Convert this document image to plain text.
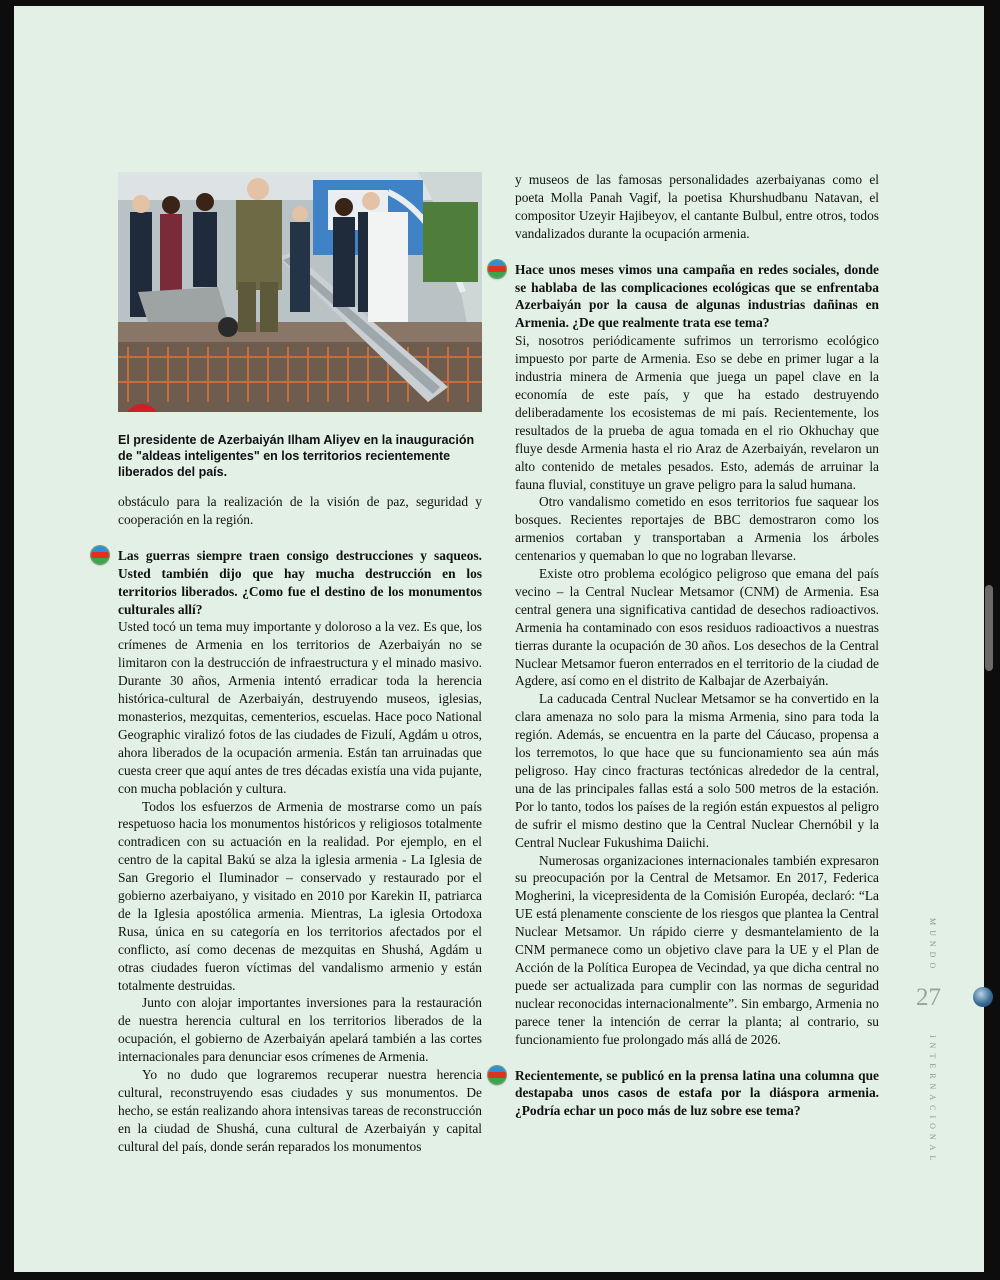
El presidente de Azerbaiyán Ilham Aliyev en la inauguración de "aldeas inteligentes" en los territorios recientemente liberados del país.

obstáculo para la realización de la visión de paz, seguridad y cooperación en la región.

Las guerras siempre traen consigo destrucciones y saqueos. Usted también dijo que hay mucha destrucción en los territorios liberados. ¿Como fue el destino de los monumentos culturales allí?

Usted tocó un tema muy importante y doloroso a la vez. Es que, los crímenes de Armenia en los territorios de Azerbaiyán no se limitaron con la destrucción de infraestructura y el minado masivo. Durante 30 años, Armenia intentó erradicar toda la herencia histórica-cultural de Azerbaiyán, destruyendo museos, iglesias, monasterios, mezquitas, cementerios, escuelas. Hace poco National Geographic viralizó fotos de las ciudades de Fizulí, Agdám u otros, ahora liberados de la ocupación armenia. Están tan arruinadas que cuesta creer que aquí antes de tres décadas existía una vida pujante, con mucha población y cultura.

Todos los esfuerzos de Armenia de mostrarse como un país respetuoso hacia los monumentos históricos y religiosos totalmente contradicen con su actuación en la realidad. Por ejemplo, en el centro de la capital Bakú se alza la iglesia armenia - La Iglesia de San Gregorio el Iluminador – conservado y restaurado por el gobierno azerbaiyano, y visitado en 2010 por Karekin II, patriarca de la Iglesia apostólica armenia. Mientras, La iglesia Ortodoxa Rusa, única en su categoría en los territorios afectados por el conflicto, así como decenas de mezquitas en Shushá, Agdám u otras ciudades fueron víctimas del vandalismo armenio y están totalmente destruidas.

Junto con alojar importantes inversiones para la restauración de nuestra herencia cultural en los territorios liberados de la ocupación, el gobierno de Azerbaiyán apelará también a las cortes internacionales para denunciar esos crímenes de Armenia.

Yo no dudo que lograremos recuperar nuestra herencia cultural, reconstruyendo esas ciudades y sus monumentos. De hecho, se están realizando ahora intensivas tareas de reconstrucción en la ciudad de Shushá, cuna cultural de Azerbaiyán y capital cultural del país, donde serán reparados los monumentos

y museos de las famosas personalidades azerbaiyanas como el poeta Molla Panah Vagif, la poetisa Khurshudbanu Natavan, el compositor Uzeyir Hajibeyov, el cantante Bulbul, entre otros, todos vandalizados durante la ocupación armenia.

Hace unos meses vimos una campaña en redes sociales, donde se hablaba de las complicaciones ecológicas que se enfrentaba Azerbaiyán por la causa de algunas industrias dañinas en Armenia. ¿De que realmente trata ese tema?

Si, nosotros periódicamente sufrimos un terrorismo ecológico impuesto por parte de Armenia. Eso se debe en primer lugar a la industria minera de Armenia que juega un papel clave en la economía de este país, y que ha estado destruyendo deliberadamente los ecosistemas de mi país. Recientemente, los resultados de la prueba de agua tomada en el rio Okhuchay que fluye desde Armenia hasta el rio Araz de Azerbaiyán, revelaron un alto contenido de metales pesados. Esto, además de arruinar la fauna fluvial, constituye un grave peligro para la salud humana.

Otro vandalismo cometido en esos territorios fue saquear los bosques. Recientes reportajes de BBC demostraron como los armenios cortaban y transportaban a Armenia los árboles centenarios y quemaban lo que no lograban llevarse.

Existe otro problema ecológico peligroso que emana del país vecino – la Central Nuclear Metsamor (CNM) de Armenia. Esa central genera una significativa cantidad de desechos radioactivos. Armenia ha contaminado con esos residuos radioactivos a nuestras tierras durante la ocupación de 30 años. Los desechos de la Central Nuclear Metsamor fueron enterrados en el territorio de la ciudad de Agdere, así como en el distrito de Kalbajar de Azerbaiyán.

La caducada Central Nuclear Metsamor se ha convertido en la clara amenaza no solo para la misma Armenia, sino para toda la región. Además, se encuentra en la parte del Cáucaso, propensa a los terremotos, lo que hace que su funcionamiento sea aún más peligroso. Hay cinco fracturas tectónicas alrededor de la central, una de las principales fallas está a solo 500 metros de la estación. Por lo tanto, todos los países de la región están expuestos al peligro de sufrir el mismo destino que la Central Nuclear Chernóbil y la Central Nuclear Fukushima Daiichi.

Numerosas organizaciones internacionales también expresaron su preocupación por la Central de Metsamor. En 2017, Federica Mogherini, la vicepresidenta de la Comisión Européa, declaró: “La UE está plenamente consciente de los riesgos que plantea la Central Nuclear Metsamor. Un rápido cierre y desmantelamiento de la CNM permanece como un objetivo clave para la UE y el Plan de Acción de la Política Europea de Vecindad, ya que dicha central no puede ser actualizada para cumplir con las normas de seguridad nuclear reconocidas internacionalmente”. Sin embargo, Armenia no parece tener la intención de cerrar la planta; al contrario, su funcionamiento fue prolongado más allá de 2026.

Recientemente, se publicó en la prensa latina una columna que destapaba unos casos de estafa por la diáspora armenia. ¿Podría echar un poco más de luz sobre ese tema?

MUNDO
27
INTERNACIONAL
